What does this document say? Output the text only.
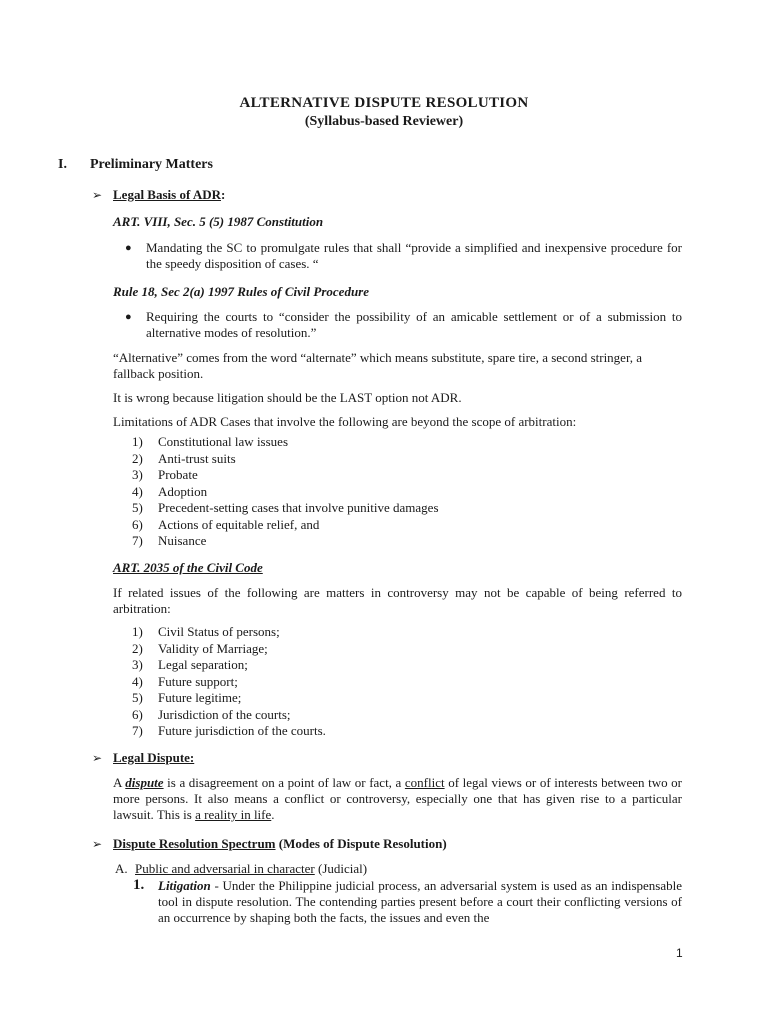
ALTERNATIVE DISPUTE RESOLUTION
(Syllabus-based Reviewer)
I. Preliminary Matters
➢ Legal Basis of ADR:
ART. VIII, Sec. 5 (5) 1987 Constitution
● Mandating the SC to promulgate rules that shall “provide a simplified and inexpensive procedure for the speedy disposition of cases. “
Rule 18, Sec 2(a) 1997 Rules of Civil Procedure
● Requiring the courts to “consider the possibility of an amicable settlement or of a submission to alternative modes of resolution.”
“Alternative” comes from the word “alternate” which means substitute, spare tire, a second stringer, a fallback position.
It is wrong because litigation should be the LAST option not ADR.
Limitations of ADR Cases that involve the following are beyond the scope of arbitration:
1) Constitutional law issues
2) Anti-trust suits
3) Probate
4) Adoption
5) Precedent-setting cases that involve punitive damages
6) Actions of equitable relief, and
7) Nuisance
ART. 2035 of the Civil Code
If related issues of the following are matters in controversy may not be capable of being referred to arbitration:
1) Civil Status of persons;
2) Validity of Marriage;
3) Legal separation;
4) Future support;
5) Future legitime;
6) Jurisdiction of the courts;
7) Future jurisdiction of the courts.
➢ Legal Dispute:
A dispute is a disagreement on a point of law or fact, a conflict of legal views or of interests between two or more persons. It also means a conflict or controversy, especially one that has given rise to a particular lawsuit. This is a reality in life.
➢ Dispute Resolution Spectrum (Modes of Dispute Resolution)
A. Public and adversarial in character (Judicial)
1. Litigation - Under the Philippine judicial process, an adversarial system is used as an indispensable tool in dispute resolution. The contending parties present before a court their conflicting versions of an occurrence by shaping both the facts, the issues and even the
1
